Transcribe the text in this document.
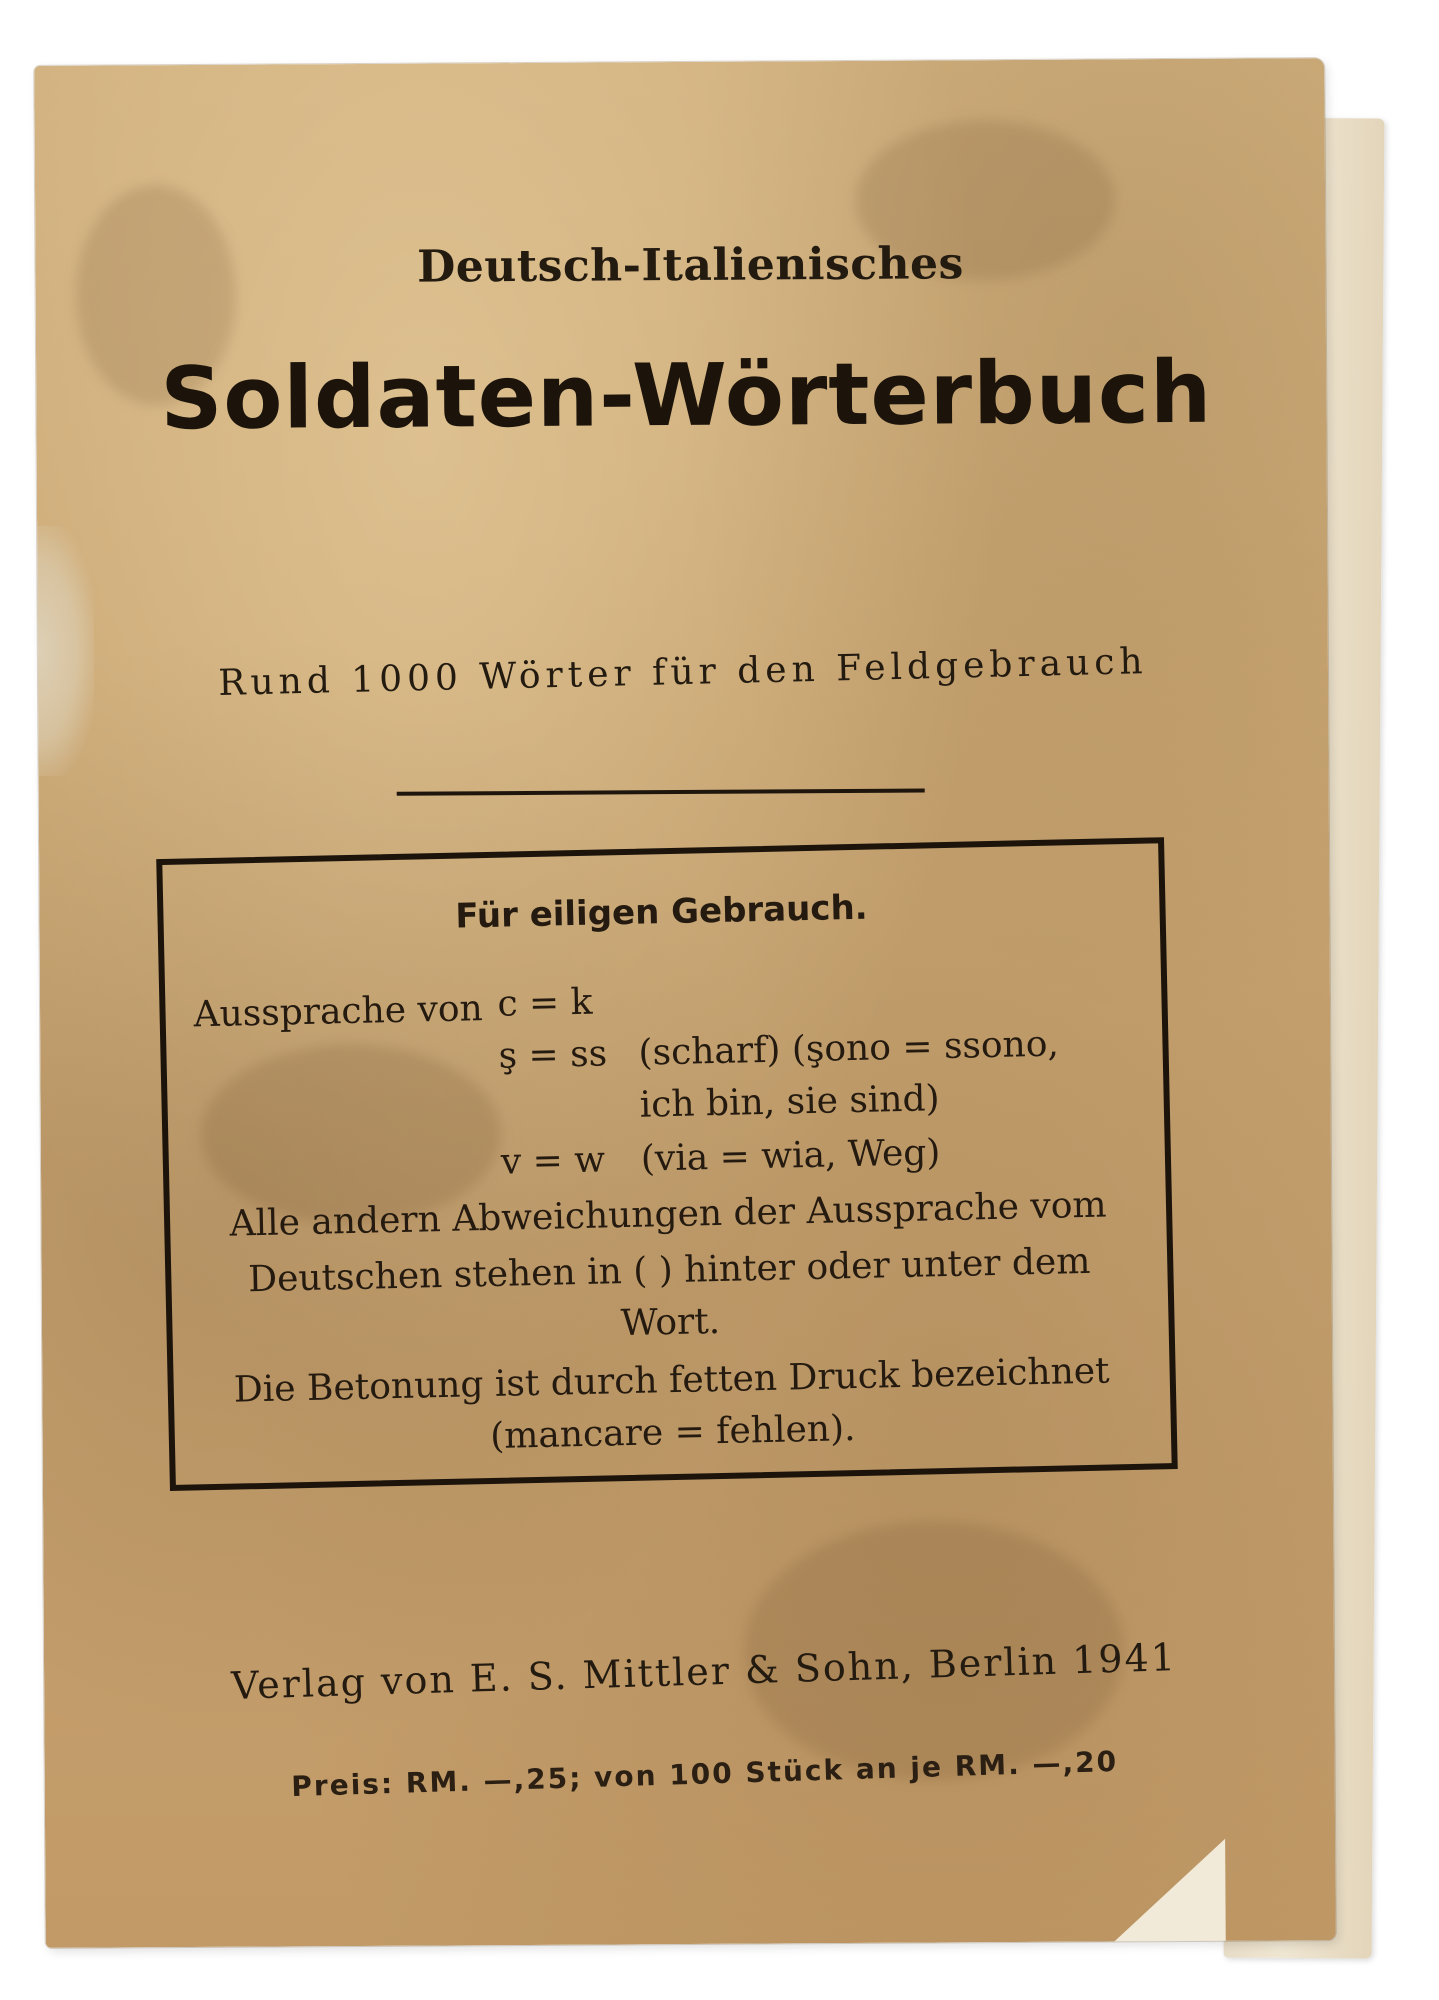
Deutsch-Italienisches
Soldaten-Wörterbuch
Rund 1000 Wörter für den Feldgebrauch
Für eiligen Gebrauch.
Aussprache von c = k
ş = ss (scharf) (şono = ssono,
ich bin, sie sind)
v = w (via = wia, Weg)
Alle andern Abweichungen der Aussprache vom
Deutschen stehen in ( ) hinter oder unter dem
Wort.
Die Betonung ist durch fetten Druck bezeichnet
(mancare = fehlen).
Verlag von E. S. Mittler & Sohn, Berlin 1941
Preis: RM. —,25; von 100 Stück an je RM. —,20
